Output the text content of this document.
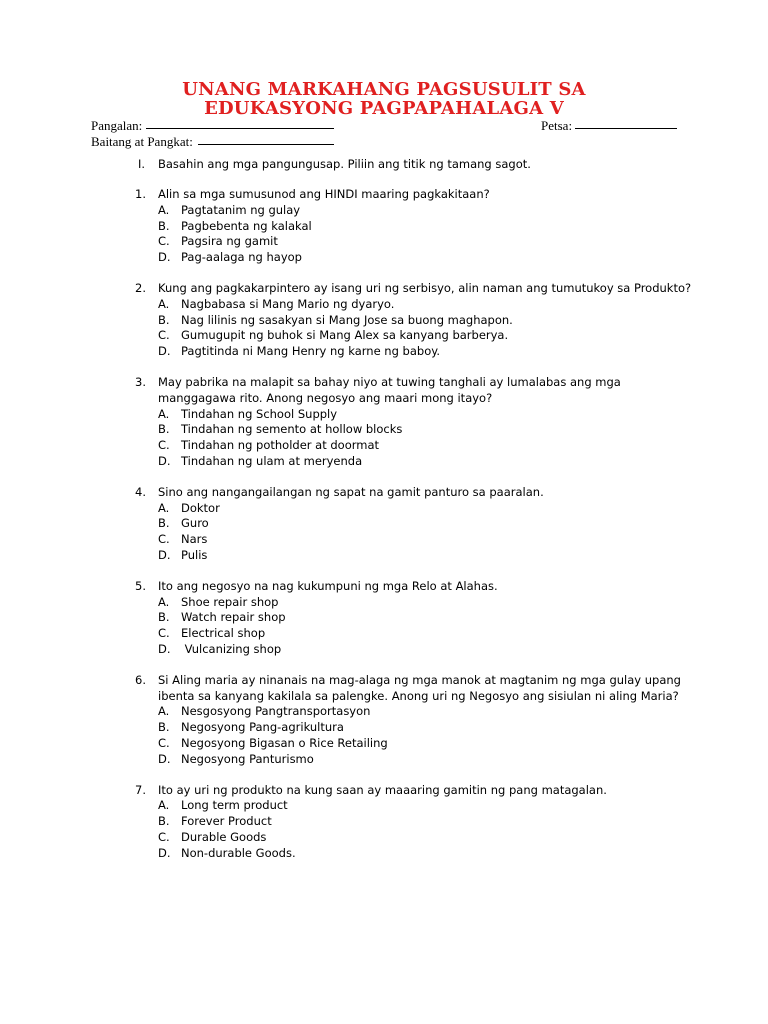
UNANG MARKAHANG PAGSUSULIT SA
EDUKASYONG PAGPAPAHALAGA V
Pangalan:	Petsa:
Baitang at Pangkat:
I. Basahin ang mga pangungusap. Piliin ang titik ng tamang sagot.
1. Alin sa mga sumusunod ang HINDI maaring pagkakitaan?
A. Pagtatanim ng gulay
B. Pagbebenta ng kalakal
C. Pagsira ng gamit
D. Pag-aalaga ng hayop
2. Kung ang pagkakarpintero ay isang uri ng serbisyo, alin naman ang tumutukoy sa Produkto?
A. Nagbabasa si Mang Mario ng dyaryo.
B. Nag lilinis ng sasakyan si Mang Jose sa buong maghapon.
C. Gumugupit ng buhok si Mang Alex sa kanyang barberya.
D. Pagtitinda ni Mang Henry ng karne ng baboy.
3. May pabrika na malapit sa bahay niyo at tuwing tanghali ay lumalabas ang mga
manggagawa rito. Anong negosyo ang maari mong itayo?
A. Tindahan ng School Supply
B. Tindahan ng semento at hollow blocks
C. Tindahan ng potholder at doormat
D. Tindahan ng ulam at meryenda
4. Sino ang nangangailangan ng sapat na gamit panturo sa paaralan.
A. Doktor
B. Guro
C. Nars
D. Pulis
5. Ito ang negosyo na nag kukumpuni ng mga Relo at Alahas.
A. Shoe repair shop
B. Watch repair shop
C. Electrical shop
D. Vulcanizing shop
6. Si Aling maria ay ninanais na mag-alaga ng mga manok at magtanim ng mga gulay upang
ibenta sa kanyang kakilala sa palengke. Anong uri ng Negosyo ang sisiulan ni aling Maria?
A. Nesgosyong Pangtransportasyon
B. Negosyong Pang-agrikultura
C. Negosyong Bigasan o Rice Retailing
D. Negosyong Panturismo
7. Ito ay uri ng produkto na kung saan ay maaaring gamitin ng pang matagalan.
A. Long term product
B. Forever Product
C. Durable Goods
D. Non-durable Goods.
